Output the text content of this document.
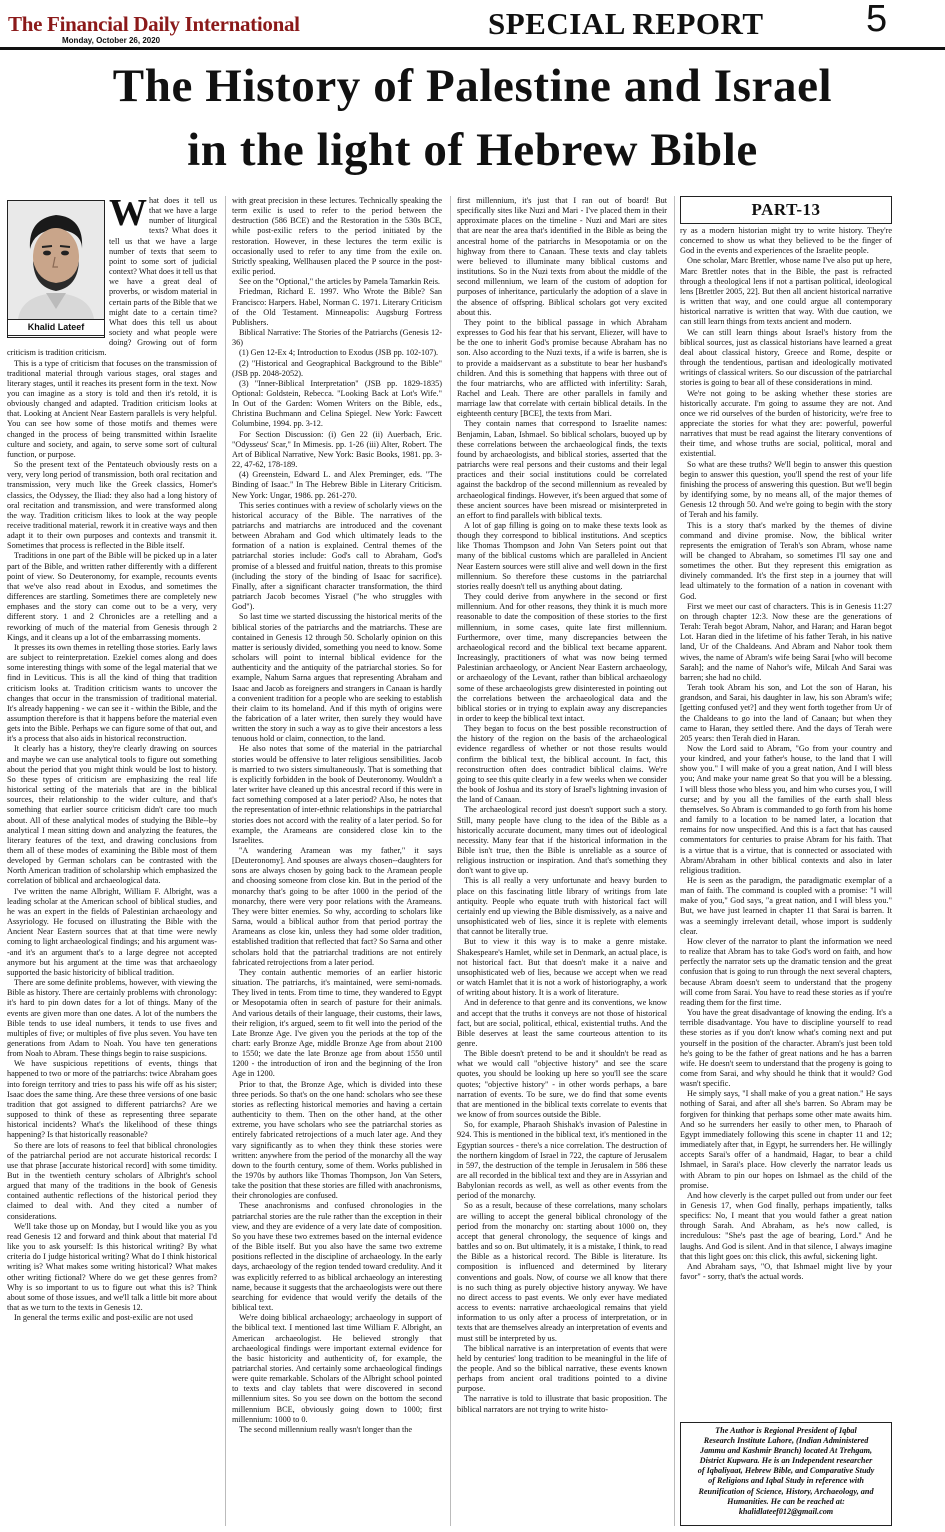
The Financial Daily International
Monday, October 26, 2020	SPECIAL REPORT	5
The History of Palestine and Israel
in the light of Hebrew Bible
W hat does it tell us that we have a large number of liturgical texts? What does it tell us that we have a large number of texts that seem to point to some sort of judicial context? What does it tell us that we have a great deal of proverbs, or wisdom material in certain parts of the Bible that we might date to a certain time? What does this tell us about society and what people were doing? Growing out of form criticism is tradition criticism.

This is a type of criticism that focuses on the transmission of traditional material through various stages, oral stages and literary stages, until it reaches its present form in the text. Now you can imagine as a story is told and then it's retold, it is obviously changed and adapted. Tradition criticism looks at that. Looking at Ancient Near Eastern parallels is very helpful. You can see how some of those motifs and themes were changed in the process of being transmitted within Israelite culture and society, and again, to serve some sort of cultural function, or purpose.

So the present text of the Pentateuch obviously rests on a very, very long period of transmission, both oral recitation and transmission, very much like the Greek classics, Homer's classics, the Odyssey, the Iliad: they also had a long history of oral recitation and transmission, and were transformed along the way. Tradition criticism likes to look at the way people receive traditional material, rework it in creative ways and then adapt it to their own purposes and contexts and transmit it. Sometimes that process is reflected in the Bible itself.

Traditions in one part of the Bible will be picked up in a later part of the Bible, and written rather differently with a different point of view. So Deuteronomy, for example, recounts events that we've also read about in Exodus, and sometimes the differences are startling. Sometimes there are completely new emphases and the story can come out to be a very, very different story. 1 and 2 Chronicles are a retelling and a reworking of much of the material from Genesis through 2 Kings, and it cleans up a lot of the embarrassing moments.

It presses its own themes in retelling those stories. Early laws are subject to reinterpretation. Ezekiel comes along and does some interesting things with some of the legal material that we find in Leviticus. This is all the kind of thing that tradition criticism looks at. Tradition criticism wants to uncover the changes that occur in the transmission of traditional material. It's already happening - we can see it - within the Bible, and the assumption therefore is that it happens before the material even gets into the Bible. Perhaps we can figure some of that out, and it's a process that also aids in historical reconstruction.

It clearly has a history, they're clearly drawing on sources and maybe we can use analytical tools to figure out something about the period that you might think would be lost to history. So these types of criticism are emphasizing the real life historical setting of the materials that are in the biblical sources, their relationship to the wider culture, and that's something that earlier source criticism didn't care too much about. All of these analytical modes of studying the Bible--by analytical I mean sitting down and analyzing the features, the literary features of the text, and drawing conclusions from them all of these modes of examining the Bible most of them developed by German scholars can be contrasted with the North American tradition of scholarship which emphasized the correlation of biblical and archaeological data.

I've written the name Albright, William F. Albright, was a leading scholar at the American school of biblical studies, and he was an expert in the fields of Palestinian archaeology and Assyriology. He focused on illustrating the Bible with the Ancient Near Eastern sources that at that time were newly coming to light archaeological findings; and his argument was--and it's an argument that's to a large degree not accepted anymore but his argument at the time was that archaeology supported the basic historicity of biblical tradition.

There are some definite problems, however, with viewing the Bible as history. There are certainly problems with chronology: it's hard to pin down dates for a lot of things. Many of the events are given more than one dates. A lot of the numbers the Bible tends to use ideal numbers, it tends to use fives and multiples of five; or multiples of five plus seven. You have ten generations from Adam to Noah. You have ten generations from Noah to Abram. These things begin to raise suspicions.

We have suspicious repetitions of events, things that happened to two or more of the patriarchs: twice Abraham goes into foreign territory and tries to pass his wife off as his sister; Isaac does the same thing. Are these three versions of one basic tradition that got assigned to different patriarchs? Are we supposed to think of these as representing three separate historical incidents? What's the likelihood of these things happening? Is that historically reasonable?

So there are lots of reasons to feel that biblical chronologies of the patriarchal period are not accurate historical records: I use that phrase [accurate historical record] with some timidity. But in the twentieth century scholars of Albright's school argued that many of the traditions in the book of Genesis contained authentic reflections of the historical period they claimed to deal with. And they cited a number of considerations.

We'll take those up on Monday, but I would like you as you read Genesis 12 and forward and think about that material I'd like you to ask yourself: Is this historical writing? By what criteria do I judge historical writing? What do I think historical writing is? What makes some writing historical? What makes other writing fictional? Where do we get these genres from? Why is so important to us to figure out what this is? Think about some of those issues, and we'll talk a little bit more about that as we turn to the texts in Genesis 12.

In general the terms exilic and post-exilic are not used

Khalid Lateef

with great precision in these lectures. Technically speaking the term exilic is used to refer to the period between the destruction (586 BCE) and the Restoration in the 530s BCE, while post-exilic refers to the period initiated by the restoration. However, in these lectures the term exilic is occasionally used to refer to any time from the exile on. Strictly speaking, Wellhausen placed the P source in the post-exilic period.

See on the "Optional," the articles by Pamela Tamarkin Reis.

Friedman, Richard E. 1997. Who Wrote the Bible? San Francisco: Harpers. Habel, Norman C. 1971. Literary Criticism of the Old Testament. Minneapolis: Augsburg Fortress Publishers.

Biblical Narrative: The Stories of the Patriarchs (Genesis 12-36)

(1) Gen 12-Ex 4; Introduction to Exodus (JSB pp. 102-107).

(2) "Historical and Geographical Background to the Bible" (JSB pp. 2048-2052).

(3) "Inner-Biblical Interpretation" (JSB pp. 1829-1835) Optional: Goldstein, Rebecca. "Looking Back at Lot's Wife." In Out of the Garden: Women Writers on the Bible, eds., Christina Buchmann and Celina Spiegel. New York: Fawcett Columbine, 1994. pp. 3-12.

For Section Discussion: (i) Gen 22 (ii) Auerbach, Eric. "Odysseus' Scar," In Mimesis. pp. 1-26 (iii) Alter, Robert. The Art of Biblical Narrative, New York: Basic Books, 1981. pp. 3-22, 47-62, 178-189.

(4) Greenstein, Edward L. and Alex Preminger, eds. "The Binding of Isaac." In The Hebrew Bible in Literary Criticism. New York: Ungar, 1986. pp. 261-270.

This series continues with a review of scholarly views on the historical accuracy of the Bible. The narratives of the patriarchs and matriarchs are introduced and the covenant between Abraham and God which ultimately leads to the formation of a nation is explained. Central themes of the patriarchal stories include: God's call to Abraham, God's promise of a blessed and fruitful nation, threats to this promise (including the story of the binding of Isaac for sacrifice). Finally, after a significant character transformation, the third patriarch Jacob becomes Yisrael ("he who struggles with God").

So last time we started discussing the historical merits of the biblical stories of the patriarchs and the matriarchs. These are contained in Genesis 12 through 50. Scholarly opinion on this matter is seriously divided, something you need to know. Some scholars will point to internal biblical evidence for the authenticity and the antiquity of the patriarchal stories. So for example, Nahum Sarna argues that representing Abraham and Isaac and Jacob as foreigners and strangers in Canaan is hardly a convenient tradition for a people who are seeking to establish their claim to its homeland. And if this myth of origins were the fabrication of a later writer, then surely they would have written the story in such a way as to give their ancestors a less tenuous hold or claim, connection, to the land.

He also notes that some of the material in the patriarchal stories would be offensive to later religious sensibilities. Jacob is married to two sisters simultaneously. That is something that is explicitly forbidden in the book of Deuteronomy. Wouldn't a later writer have cleaned up this ancestral record if this were in fact something composed at a later period? Also, he notes that the representation of inter-ethnic relationships in the patriarchal stories does not accord with the reality of a later period. So for example, the Arameans are considered close kin to the Israelites.

"A wandering Aramean was my father," it says [Deuteronomy]. And spouses are always chosen--daughters for sons are always chosen by going back to the Aramean people and choosing someone from close kin. But in the period of the monarchy that's going to be after 1000 in the period of the monarchy, there were very poor relations with the Arameans. They were bitter enemies. So why, according to scholars like Sarna, would a biblical author from that period portray the Arameans as close kin, unless they had some older tradition, established tradition that reflected that fact? So Sarna and other scholars hold that the patriarchal traditions are not entirely fabricated retrojections from a later period.

They contain authentic memories of an earlier historic situation. The patriarchs, it's maintained, were semi-nomads. They lived in tents. From time to time, they wandered to Egypt or Mesopotamia often in search of pasture for their animals. And various details of their language, their customs, their laws, their religion, it's argued, seem to fit well into the period of the Late Bronze Age. I've given you the periods at the top of the chart: early Bronze Age, middle Bronze Age from about 2100 to 1550; we date the late Bronze age from about 1550 until 1200 - the introduction of iron and the beginning of the Iron Age in 1200.

Prior to that, the Bronze Age, which is divided into these three periods. So that's on the one hand: scholars who see these stories as reflecting historical memories and having a certain authenticity to them. Then on the other hand, at the other extreme, you have scholars who see the patriarchal stories as entirely fabricated retrojections of a much later age. And they vary significantly as to when they think these stories were written: anywhere from the period of the monarchy all the way down to the fourth century, some of them. Works published in the 1970s by authors like Thomas Thompson, Jon Van Seters, take the position that these stories are filled with anachronisms, their chronologies are confused.

These anachronisms and confused chronologies in the patriarchal stories are the rule rather than the exception in their view, and they are evidence of a very late date of composition. So you have these two extremes based on the internal evidence of the Bible itself. But you also have the same two extreme positions reflected in the discipline of archaeology. In the early days, archaeology of the region tended toward credulity. And it was explicitly referred to as biblical archaeology an interesting name, because it suggests that the archaeologists were out there searching for evidence that would verify the details of the biblical text.

We're doing biblical archaeology; archaeology in support of the biblical text. I mentioned last time William F. Albright, an American archaeologist. He believed strongly that archaeological findings were important external evidence for the basic historicity and authenticity of, for example, the patriarchal stories. And certainly some archaeological findings were quite remarkable. Scholars of the Albright school pointed to texts and clay tablets that were discovered in second millennium sites. So you see down on the bottom the second millennium BCE, obviously going down to 1000; first millennium: 1000 to 0.

The second millennium really wasn't longer than the

first millennium, it's just that I ran out of board! But specifically sites like Nuzi and Mari - I've placed them in their approximate places on the timeline - Nuzi and Mari are sites that are near the area that's identified in the Bible as being the ancestral home of the patriarchs in Mesopotamia or on the highway from there to Canaan. These texts and clay tablets were believed to illuminate many biblical customs and institutions. So in the Nuzi texts from about the middle of the second millennium, we learn of the custom of adoption for purposes of inheritance, particularly the adoption of a slave in the absence of offspring. Biblical scholars got very excited about this.

They point to the biblical passage in which Abraham expresses to God his fear that his servant, Eliezer, will have to be the one to inherit God's promise because Abraham has no son. Also according to the Nuzi texts, if a wife is barren, she is to provide a maidservant as a substitute to bear her husband's children. And this is something that happens with three out of the four matriarchs, who are afflicted with infertility: Sarah, Rachel and Leah. There are other parallels in family and marriage law that correlate with certain biblical details. In the eighteenth century [BCE], the texts from Mari.

They contain names that correspond to Israelite names: Benjamin, Laban, Ishmael. So biblical scholars, buoyed up by these correlations between the archaeological finds, the texts found by archaeologists, and biblical stories, asserted that the patriarchs were real persons and their customs and their legal practices and their social institutions could be correlated against the backdrop of the second millennium as revealed by archaeological findings. However, it's been argued that some of these ancient sources have been misread or misinterpreted in an effort to find parallels with biblical texts.

A lot of gap filling is going on to make these texts look as though they correspond to biblical institutions. And sceptics like Thomas Thompson and John Van Seters point out that many of the biblical customs which are paralleled in Ancient Near Eastern sources were still alive and well down in the first millennium. So therefore these customs in the patriarchal stories really doesn't tell us anything about dating.

They could derive from anywhere in the second or first millennium. And for other reasons, they think it is much more reasonable to date the composition of these stories to the first millennium, in some cases, quite late first millennium. Furthermore, over time, many discrepancies between the archaeological record and the biblical text became apparent. Increasingly, practitioners of what was now being termed Palestinian archaeology, or Ancient Near Eastern archaeology, or archaeology of the Levant, rather than biblical archaeology some of these archaeologists grew disinterested in pointing out the correlations between the archaeological data and the biblical stories or in trying to explain away any discrepancies in order to keep the biblical text intact.

They began to focus on the best possible reconstruction of the history of the region on the basis of the archaeological evidence regardless of whether or not those results would confirm the biblical text, the biblical account. In fact, this reconstruction often does contradict biblical claims. We're going to see this quite clearly in a few weeks when we consider the book of Joshua and its story of Israel's lightning invasion of the land of Canaan.

The archaeological record just doesn't support such a story. Still, many people have clung to the idea of the Bible as a historically accurate document, many times out of ideological necessity. Many fear that if the historical information in the Bible isn't true, then the Bible is unreliable as a source of religious instruction or inspiration. And that's something they don't want to give up.

This is all really a very unfortunate and heavy burden to place on this fascinating little library of writings from late antiquity. People who equate truth with historical fact will certainly end up viewing the Bible dismissively, as a naive and unsophisticated web of lies, since it is replete with elements that cannot be literally true.

But to view it this way is to make a genre mistake. Shakespeare's Hamlet, while set in Denmark, an actual place, is not historical fact. But that doesn't make it a naive and unsophisticated web of lies, because we accept when we read or watch Hamlet that it is not a work of historiography, a work of writing about history. It is a work of literature.

And in deference to that genre and its conventions, we know and accept that the truths it conveys are not those of historical fact, but are social, political, ethical, existential truths. And the Bible deserves at least the same courteous attention to its genre.

The Bible doesn't pretend to be and it shouldn't be read as what we would call "objective history" and see the scare quotes, you should be looking up here so you'll see the scare quotes; "objective history" - in other words perhaps, a bare narration of events. To be sure, we do find that some events that are mentioned in the biblical texts correlate to events that we know of from sources outside the Bible.

So, for example, Pharaoh Shishak's invasion of Palestine in 924. This is mentioned in the biblical text, it's mentioned in the Egyptian sources - there's a nice correlation. The destruction of the northern kingdom of Israel in 722, the capture of Jerusalem in 597, the destruction of the temple in Jerusalem in 586 these are all recorded in the biblical text and they are in Assyrian and Babylonian records as well, as well as other events from the period of the monarchy.

So as a result, because of these correlations, many scholars are willing to accept the general biblical chronology of the period from the monarchy on: starting about 1000 on, they accept that general chronology, the sequence of kings and battles and so on. But ultimately, it is a mistake, I think, to read the Bible as a historical record. The Bible is literature. Its composition is influenced and determined by literary conventions and goals. Now, of course we all know that there is no such thing as purely objective history anyway. We have no direct access to past events. We only ever have mediated access to events: narrative archaeological remains that yield information to us only after a process of interpretation, or in texts that are themselves already an interpretation of events and must still be interpreted by us.

The biblical narrative is an interpretation of events that were held by centuries' long tradition to be meaningful in the life of the people. And so the biblical narrative, these events known perhaps from ancient oral traditions pointed to a divine purpose.

The narrative is told to illustrate that basic proposition. The biblical narrators are not trying to write histo-

PART-13

ry as a modern historian might try to write history. They're concerned to show us what they believed to be the finger of God in the events and experiences of the Israelite people.

One scholar, Marc Brettler, whose name I've also put up here, Marc Brettler notes that in the Bible, the past is refracted through a theological lens if not a partisan political, ideological lens [Brettler 2005, 22]. But then all ancient historical narrative is written that way, and one could argue all contemporary historical narrative is written that way. With due caution, we can still learn things from texts ancient and modern.

We can still learn things about Israel's history from the biblical sources, just as classical historians have learned a great deal about classical history, Greece and Rome, despite or through the tendentious, partisan and ideologically motivated writings of classical writers. So our discussion of the patriarchal stories is going to bear all of these considerations in mind.

We're not going to be asking whether these stories are historically accurate. I'm going to assume they are not. And once we rid ourselves of the burden of historicity, we're free to appreciate the stories for what they are: powerful, powerful narratives that must be read against the literary conventions of their time, and whose truths are social, political, moral and existential.

So what are these truths? We'll begin to answer this question begin to answer this question, you'll spend the rest of your life finishing the process of answering this question. But we'll begin by identifying some, by no means all, of the major themes of Genesis 12 through 50. And we're going to begin with the story of Terah and his family.

This is a story that's marked by the themes of divine command and divine promise. Now, the biblical writer represents the emigration of Terah's son Abram, whose name will be changed to Abraham, so sometimes I'll say one and sometimes the other. But they represent this emigration as divinely commanded. It's the first step in a journey that will lead ultimately to the formation of a nation in covenant with God.

First we meet our cast of characters. This is in Genesis 11:27 on through chapter 12:3. Now these are the generations of Terah: Terah begot Abram, Nahor, and Haran; and Haran begot Lot. Haran died in the lifetime of his father Terah, in his native land, Ur of the Chaldeans. And Abram and Nahor took them wives, the name of Abram's wife being Sarai [who will become Sarah]; and the name of Nahor's wife, Milcah And Sarai was barren; she had no child.

Terah took Abram his son, and Lot the son of Haran, his grandson, and Sarai, his daughter in law, his son Abram's wife; [getting confused yet?] and they went forth together from Ur of the Chaldeans to go into the land of Canaan; but when they came to Haran, they settled there. And the days of Terah were 205 years: then Terah died in Haran.

Now the Lord said to Abram, "Go from your country and your kindred, and your father's house, to the land that I will show you." I will make of you a great nation, And I will bless you; And make your name great So that you will be a blessing. I will bless those who bless you, and him who curses you, I will curse; and by you all the families of the earth shall bless themselves. So Abram is commanded to go forth from his home and family to a location to be named later, a location that remains for now unspecified. And this is a fact that has caused commentators for centuries to praise Abram for his faith. That is a virtue that is a virtue, that is connected or associated with Abram/Abraham in other biblical contexts and also in later religious tradition.

He is seen as the paradigm, the paradigmatic exemplar of a man of faith. The command is coupled with a promise: "I will make of you," God says, "a great nation, and I will bless you." But, we have just learned in chapter 11 that Sarai is barren. It was a seemingly irrelevant detail, whose import is suddenly clear.

How clever of the narrator to plant the information we need to realize that Abram has to take God's word on faith, and how perfectly the narrator sets up the dramatic tension and the great confusion that is going to run through the next several chapters, because Abram doesn't seem to understand that the progeny will come from Sarai. You have to read these stories as if you're reading them for the first time.

You have the great disadvantage of knowing the ending. It's a terrible disadvantage. You have to discipline yourself to read these stories as if you don't know what's coming next and put yourself in the position of the character. Abram's just been told he's going to be the father of great nations and he has a barren wife. He doesn't seem to understand that the progeny is going to come from Sarai, and why should he think that it would? God wasn't specific.

He simply says, "I shall make of you a great nation." He says nothing of Sarai, and after all she's barren. So Abram may be forgiven for thinking that perhaps some other mate awaits him. And so he surrenders her easily to other men, to Pharaoh of Egypt immediately following this scene in chapter 11 and 12; immediately after that, in Egypt, he surrenders her. He willingly accepts Sarai's offer of a handmaid, Hagar, to bear a child Ishmael, in Sarai's place. How cleverly the narrator leads us with Abram to pin our hopes on Ishmael as the child of the promise.

And how cleverly is the carpet pulled out from under our feet in Genesis 17, when God finally, perhaps impatiently, talks specifics: No, I meant that you would father a great nation through Sarah. And Abraham, as he's now called, is incredulous: "She's past the age of bearing, Lord." And he laughs. And God is silent. And in that silence, I always imagine that this light goes on: this click, this awful, sickening light.

And Abraham says, "O, that Ishmael might live by your favor" - sorry, that's the actual words.

The Author is Regional President of Iqbal
Research Institute Lahore, (Indian Administered
Jammu and Kashmir Branch) located At Trehgam,
District Kupwara. He is an Independent researcher
of Iqbaliyaat, Hebrew Bible, and Comparative Study
of Religions and Iqbal Study in reference with
Reunification of Science, History, Archaeology, and
Humanities. He can be reached at:
khalidlateef012@gmail.com
